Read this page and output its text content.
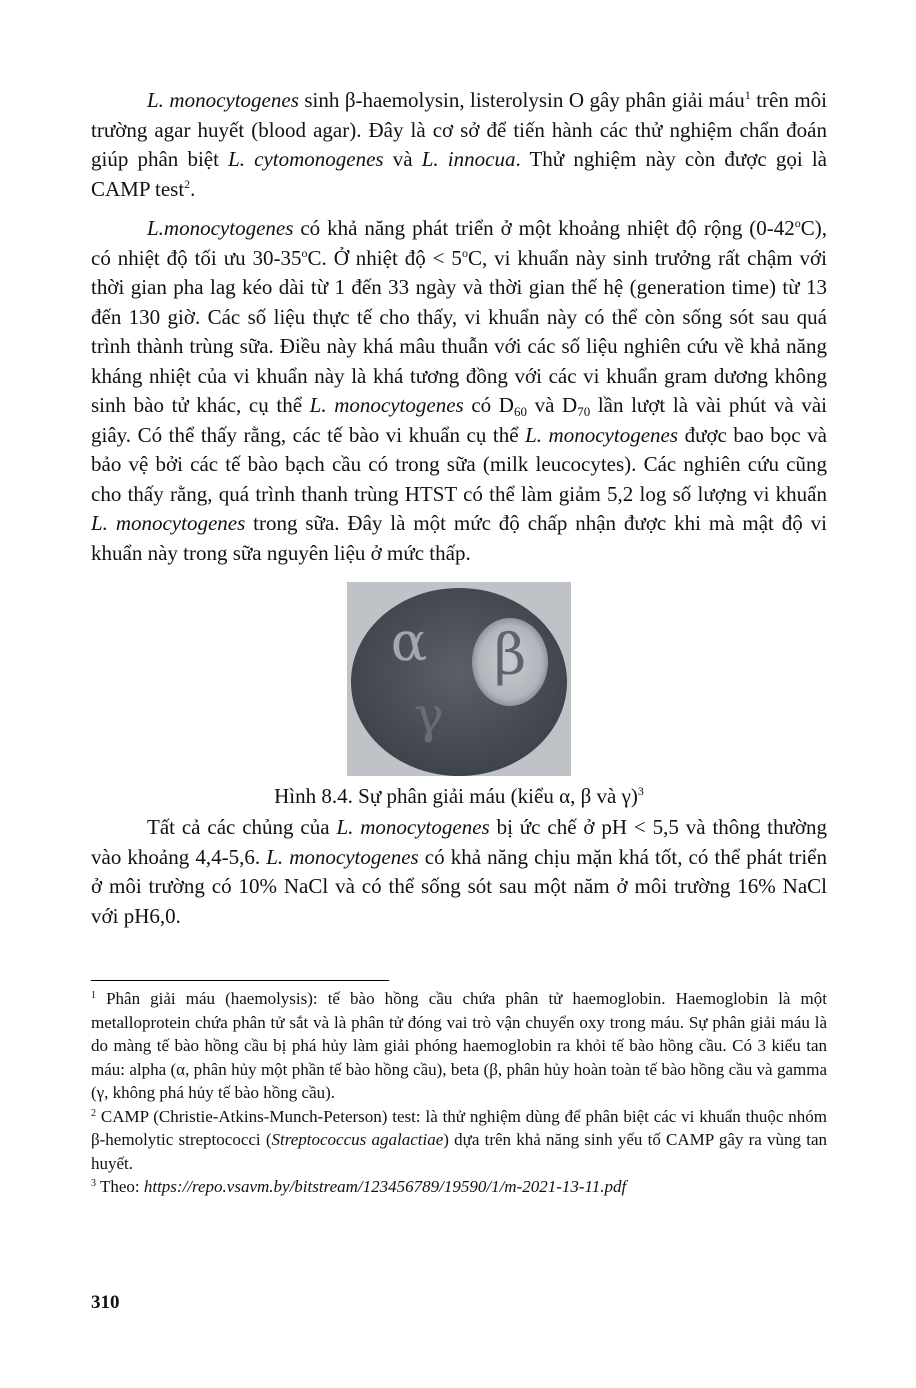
L. monocytogenes sinh β-haemolysin, listerolysin O gây phân giải máu$^1$ trên môi trường agar huyết (blood agar). Đây là cơ sở để tiến hành các thử nghiệm chẩn đoán giúp phân biệt L. cytomonogenes và L. innocua. Thử nghiệm này còn được gọi là CAMP test$^2$.

L.monocytogenes có khả năng phát triển ở một khoảng nhiệt độ rộng (0-42$^o$C), có nhiệt độ tối ưu 30-35$^o$C. Ở nhiệt độ < $5^oC$, vi khuẩn này sinh trưởng rất chậm với thời gian pha lag kéo dài từ 1 đến 33 ngày và thời gian thế hệ (generation time) từ 13 đến 130 giờ. Các số liệu thực tế cho thấy, vi khuẩn này có thể còn sống sót sau quá trình thành trùng sữa. Điều này khá mâu thuẫn với các số liệu nghiên cứu về khả năng kháng nhiệt của vi khuẩn này là khá tương đồng với các vi khuẩn gram dương không sinh bào tử khác, cụ thể L. monocytogenes có $D_{60}$ và $D_{70}$ lần lượt là vài phút và vài giây. Có thể thấy rằng, các tế bào vi khuẩn cụ thể L. monocytogenes được bao bọc và bảo vệ bởi các tế bào bạch cầu có trong sữa (milk leucocytes). Các nghiên cứu cũng cho thấy rằng, quá trình thanh trùng HTST có thể làm giảm 5,2 log số lượng vi khuẩn L. monocytogenes trong sữa. Đây là một mức độ chấp nhận được khi mà mật độ vi khuẩn này trong sữa nguyên liệu ở mức thấp.

α β
γ
Hình 8.4. Sự phân giải máu (kiểu α, β và γ)$^3$

Tất cả các chủng của L. monocytogenes bị ức chế ở pH < 5,5 và thông thường vào khoảng 4,4-5,6. L. monocytogenes có khả năng chịu mặn khá tốt, có thể phát triển ở môi trường có 10% NaCl và có thể sống sót sau một năm ở môi trường 16% NaCl với pH6,0.

$^1$ Phân giải máu (haemolysis): tế bào hồng cầu chứa phân tử haemoglobin. Haemoglobin là một metalloprotein chứa phân tử sắt và là phân tử đóng vai trò vận chuyển oxy trong máu. Sự phân giải máu là do màng tế bào hồng cầu bị phá hủy làm giải phóng haemoglobin ra khỏi tế bào hồng cầu. Có 3 kiểu tan máu: alpha (α, phân hủy một phần tế bào hồng cầu), beta (β, phân hủy hoàn toàn tế bào hồng cầu và gamma (γ, không phá hủy tế bào hồng cầu).

$^2$ CAMP (Christie-Atkins-Munch-Peterson) test: là thử nghiệm dùng để phân biệt các vi khuẩn thuộc nhóm β-hemolytic streptococci (Streptococcus agalactiae) dựa trên khả năng sinh yếu tố CAMP gây ra vùng tan huyết.

$^3$ Theo: https://repo.vsavm.by/bitstream/123456789/19590/1/m-2021-13-11.pdf

310
